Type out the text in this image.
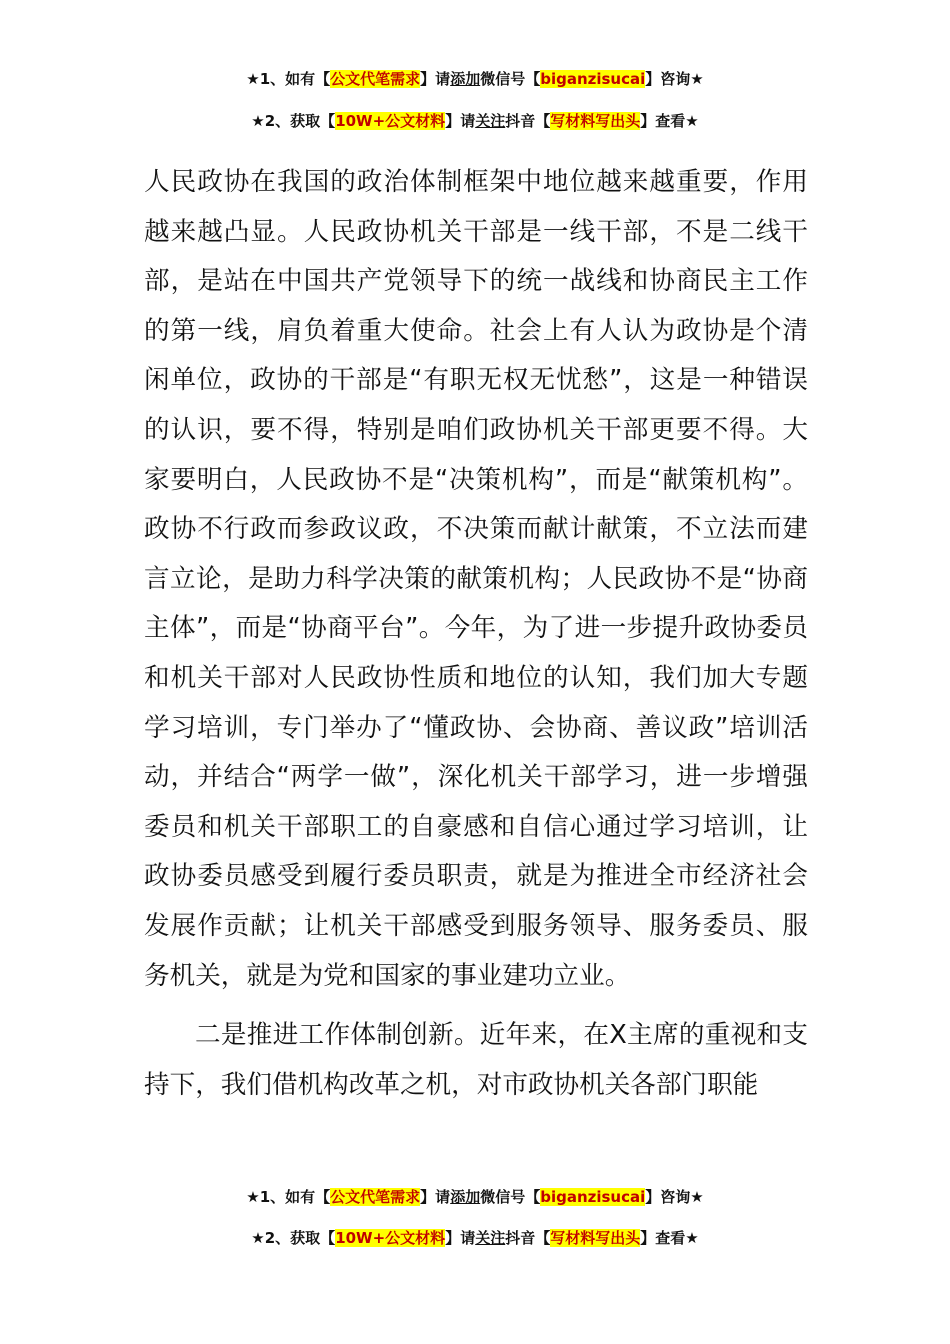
★1、如有【公文代笔需求】请添加微信号【biganzisucai】咨询★
★2、获取【10W+公文材料】请关注抖音【写材料写出头】查看★

人民政协在我国的政治体制框架中地位越来越重要，作用越来越凸显。人民政协机关干部是一线干部，不是二线干部，是站在中国共产党领导下的统一战线和协商民主工作的第一线，肩负着重大使命。社会上有人认为政协是个清闲单位，政协的干部是“有职无权无忧愁”，这是一种错误的认识，要不得，特别是咱们政协机关干部更要不得。大家要明白，人民政协不是“决策机构”，而是“献策机构”。政协不行政而参政议政，不决策而献计献策，不立法而建言立论，是助力科学决策的献策机构；人民政协不是“协商主体”，而是“协商平台”。今年，为了进一步提升政协委员和机关干部对人民政协性质和地位的认知，我们加大专题学习培训，专门举办了“懂政协、会协商、善议政”培训活动，并结合“两学一做”，深化机关干部学习，进一步增强委员和机关干部职工的自豪感和自信心通过学习培训，让政协委员感受到履行委员职责，就是为推进全市经济社会发展作贡献；让机关干部感受到服务领导、服务委员、服务机关，就是为党和国家的事业建功立业。

二是推进工作体制创新。近年来，在X主席的重视和支持下，我们借机构改革之机，对市政协机关各部门职能

★1、如有【公文代笔需求】请添加微信号【biganzisucai】咨询★
★2、获取【10W+公文材料】请关注抖音【写材料写出头】查看★
